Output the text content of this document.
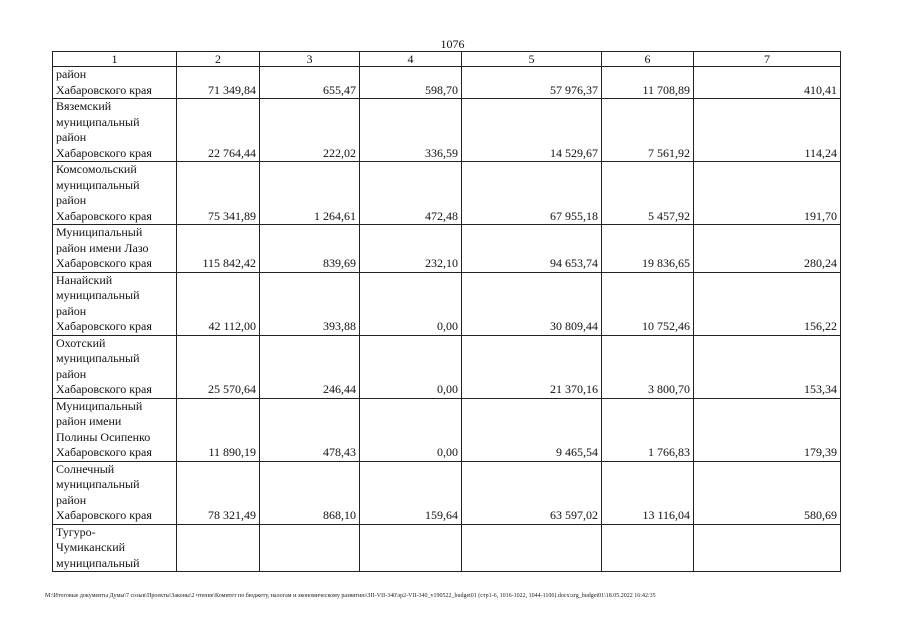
1076
1	2	3	4	5	6	7
район
Хабаровского края	71 349,84	655,47	598,70	57 976,37	11 708,89	410,41
Вяземский
муниципальный
район
Хабаровского края	22 764,44	222,02	336,59	14 529,67	7 561,92	114,24
Комсомольский
муниципальный
район
Хабаровского края	75 341,89	1 264,61	472,48	67 955,18	5 457,92	191,70
Муниципальный
район имени Лазо
Хабаровского края	115 842,42	839,69	232,10	94 653,74	19 836,65	280,24
Нанайский
муниципальный
район
Хабаровского края	42 112,00	393,88	0,00	30 809,44	10 752,46	156,22
Охотский
муниципальный
район
Хабаровского края	25 570,64	246,44	0,00	21 370,16	3 800,70	153,34
Муниципальный
район имени
Полины Осипенко
Хабаровского края	11 890,19	478,43	0,00	9 465,54	1 766,83	179,39
Солнечный
муниципальный
район
Хабаровского края	78 321,49	868,10	159,64	63 597,02	13 116,04	580,69
Тугуро-
Чумиканский
муниципальный						
M:\Итоговые документы Думы\7 созыв\Проекты\Законы\2 чтение\Комитет по бюджету, налогам и экономическому развитию\ЗП-VII-340\зр2-VII-340_v190522_budget01 (стр1-6, 1016-1022, 1044-1106).docx\zrg_budget01\18.05.2022 16:42:35
